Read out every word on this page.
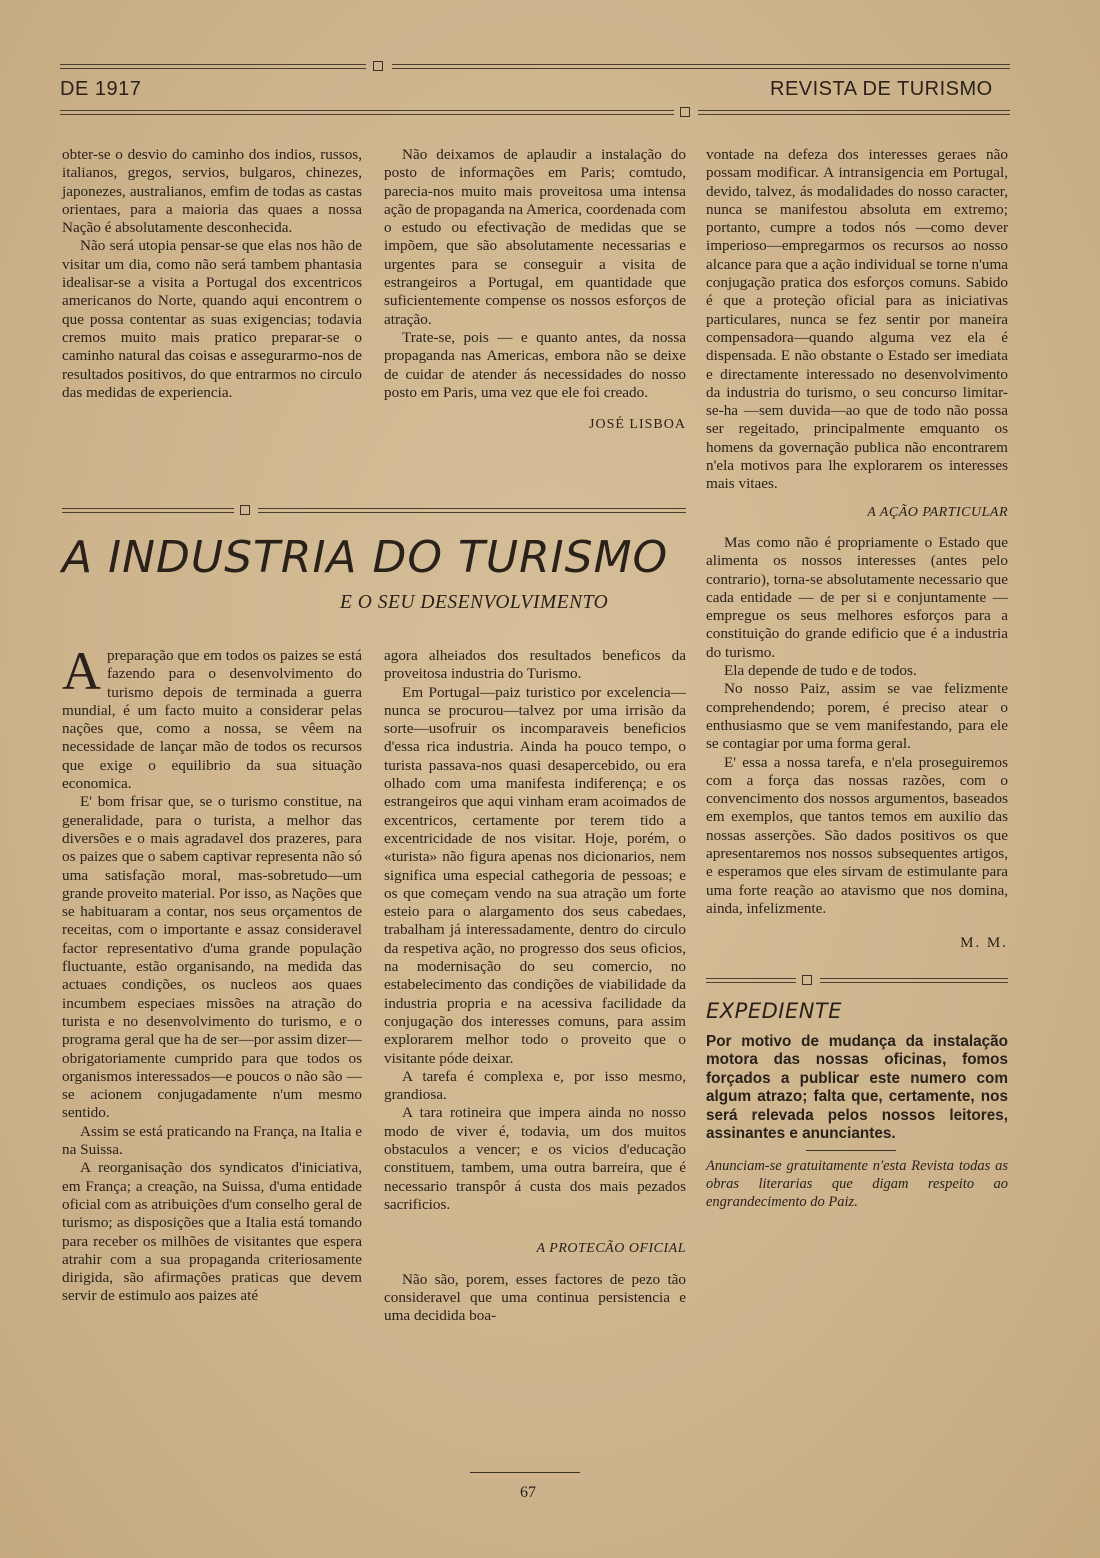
DE 1917	REVISTA DE TURISMO

obter-se o desvio do caminho dos indios, russos, italianos, gregos, servios, bulgaros, chinezes, japonezes, australianos, emfim de todas as castas orientaes, para a maioria das quaes a nossa Nação é absolutamente desconhecida.

Não será utopia pensar-se que elas nos hão de visitar um dia, como não será tambem phantasia idealisar-se a visita a Portugal dos excentricos americanos do Norte, quando aqui encontrem o que possa contentar as suas exigencias; todavia cremos muito mais pratico preparar-se o caminho natural das coisas e assegurarmo-nos de resultados positivos, do que entrarmos no circulo das medidas de experiencia.

Não deixamos de aplaudir a instalação do posto de informações em Paris; comtudo, parecia-nos muito mais proveitosa uma intensa ação de propaganda na America, coordenada com o estudo ou efectivação de medidas que se impõem, que são absolutamente necessarias e urgentes para se conseguir a visita de estrangeiros a Portugal, em quantidade que suficientemente compense os nossos esforços de atração.

Trate-se, pois — e quanto antes, da nossa propaganda nas Americas, embora não se deixe de cuidar de atender ás necessidades do nosso posto em Paris, uma vez que ele foi creado.

JOSÉ LISBOA
A INDUSTRIA DO TURISMO
E O SEU DESENVOLVIMENTO

Apreparação que em todos os paizes se está fazendo para o desenvolvimento do turismo depois de terminada a guerra mundial, é um facto muito a considerar pelas nações que, como a nossa, se vêem na necessidade de lançar mão de todos os recursos que exige o equilibrio da sua situação economica.

E' bom frisar que, se o turismo constitue, na generalidade, para o turista, a melhor das diversões e o mais agradavel dos prazeres, para os paizes que o sabem captivar representa não só uma satisfação moral, mas-sobretudo—um grande proveito material. Por isso, as Nações que se habituaram a contar, nos seus orçamentos de receitas, com o importante e assaz consideravel factor representativo d'uma grande população fluctuante, estão organisando, na medida das actuaes condições, os nucleos aos quaes incumbem especiaes missões na atração do turista e no desenvolvimento do turismo, e o programa geral que ha de ser—por assim dizer—obrigatoriamente cumprido para que todos os organismos interessados—e poucos o não são —se acionem conjugadamente n'um mesmo sentido.

Assim se está praticando na França, na Italia e na Suissa.

A reorganisação dos syndicatos d'iniciativa, em França; a creação, na Suissa, d'uma entidade oficial com as atribuições d'um conselho geral de turismo; as disposições que a Italia está tomando para receber os milhões de visitantes que espera atrahir com a sua propaganda criteriosamente dirigida, são afirmações praticas que devem servir de estimulo aos paizes até

agora alheiados dos resultados beneficos da proveitosa industria do Turismo.

Em Portugal—paiz turistico por excelencia—nunca se procurou—talvez por uma irrisão da sorte—usofruir os incomparaveis beneficios d'essa rica industria. Ainda ha pouco tempo, o turista passava-nos quasi desapercebido, ou era olhado com uma manifesta indiferença; e os estrangeiros que aqui vinham eram acoimados de excentricos, certamente por terem tido a excentricidade de nos visitar. Hoje, porém, o «turista» não figura apenas nos dicionarios, nem significa uma especial cathegoria de pessoas; e os que começam vendo na sua atração um forte esteio para o alargamento dos seus cabedaes, trabalham já interessadamente, dentro do circulo da respetiva ação, no progresso dos seus oficios, na modernisação do seu comercio, no estabelecimento das condições de viabilidade da industria propria e na acessiva facilidade da conjugação dos interesses comuns, para assim explorarem melhor todo o proveito que o visitante póde deixar.

A tarefa é complexa e, por isso mesmo, grandiosa.

A tara rotineira que impera ainda no nosso modo de viver é, todavia, um dos muitos obstaculos a vencer; e os vicios d'educação constituem, tambem, uma outra barreira, que é necessario transpôr á custa dos mais pezados sacrificios.

A PROTECÃO OFICIAL

Não são, porem, esses factores de pezo tão consideravel que uma continua persistencia e uma decidida boa-

vontade na defeza dos interesses geraes não possam modificar. A intransigencia em Portugal, devido, talvez, ás modalidades do nosso caracter, nunca se manifestou absoluta em extremo; portanto, cumpre a todos nós —como dever imperioso—empregarmos os recursos ao nosso alcance para que a ação individual se torne n'uma conjugação pratica dos esforços comuns. Sabido é que a proteção oficial para as iniciativas particulares, nunca se fez sentir por maneira compensadora—quando alguma vez ela é dispensada. E não obstante o Estado ser imediata e directamente interessado no desenvolvimento da industria do turismo, o seu concurso limitar-se-ha —sem duvida—ao que de todo não possa ser regeitado, principalmente emquanto os homens da governação publica não encontrarem n'ela motivos para lhe explorarem os interesses mais vitaes.

A AÇÃO PARTICULAR

Mas como não é propriamente o Estado que alimenta os nossos interesses (antes pelo contrario), torna-se absolutamente necessario que cada entidade — de per si e conjuntamente —empregue os seus melhores esforços para a constituição do grande edificio que é a industria do turismo.

Ela depende de tudo e de todos.

No nosso Paiz, assim se vae felizmente comprehendendo; porem, é preciso atear o enthusiasmo que se vem manifestando, para ele se contagiar por uma forma geral.

E' essa a nossa tarefa, e n'ela proseguiremos com a força das nossas razões, com o convencimento dos nossos argumentos, baseados em exemplos, que tantos temos em auxilio das nossas asserções. São dados positivos os que apresentaremos nos nossos subsequentes artigos, e esperamos que eles sirvam de estimulante para uma forte reação ao atavismo que nos domina, ainda, infelizmente.

M. M.
EXPEDIENTE
Por motivo de mudança da instalação motora das nossas oficinas, fomos forçados a publicar este numero com algum atrazo; falta que, certamente, nos será relevada pelos nossos leitores, assinantes e anunciantes.
Anunciam-se gratuitamente n'esta Revista todas as obras literarias que digam respeito ao engrandecimento do Paiz.
67
